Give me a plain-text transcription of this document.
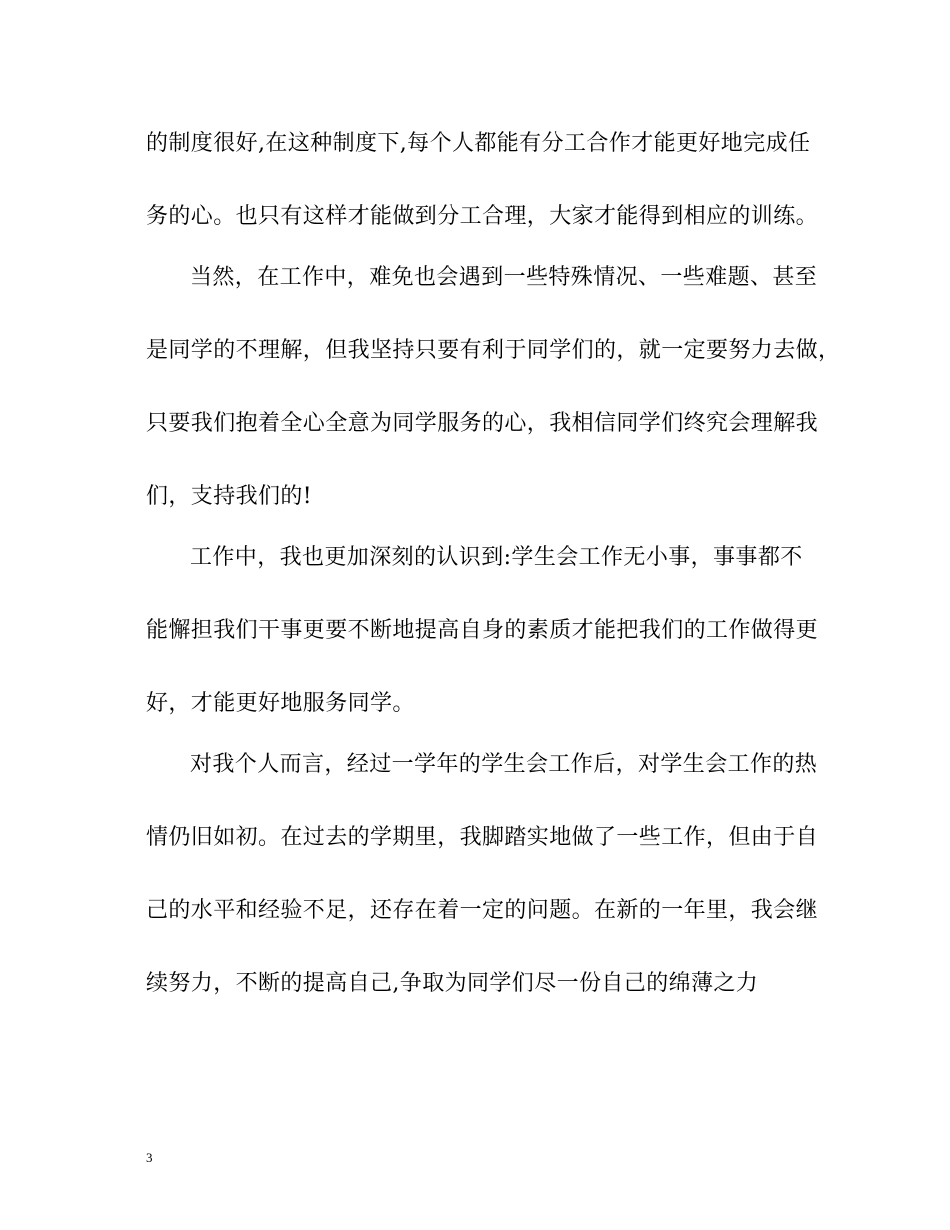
的制度很好,在这种制度下,每个人都能有分工合作才能更好地完成任
务的心。也只有这样才能做到分工合理，大家才能得到相应的训练。
当然，在工作中，难免也会遇到一些特殊情况、一些难题、甚至
是同学的不理解，但我坚持只要有利于同学们的，就一定要努力去做，
只要我们抱着全心全意为同学服务的心，我相信同学们终究会理解我
们，支持我们的!
工作中，我也更加深刻的认识到:学生会工作无小事，事事都不
能懈担我们干事更要不断地提高自身的素质才能把我们的工作做得更
好，才能更好地服务同学。
对我个人而言，经过一学年的学生会工作后，对学生会工作的热
情仍旧如初。在过去的学期里，我脚踏实地做了一些工作，但由于自
己的水平和经验不足，还存在着一定的问题。在新的一年里，我会继
续努力，不断的提高自己,争取为同学们尽一份自己的绵薄之力
3
